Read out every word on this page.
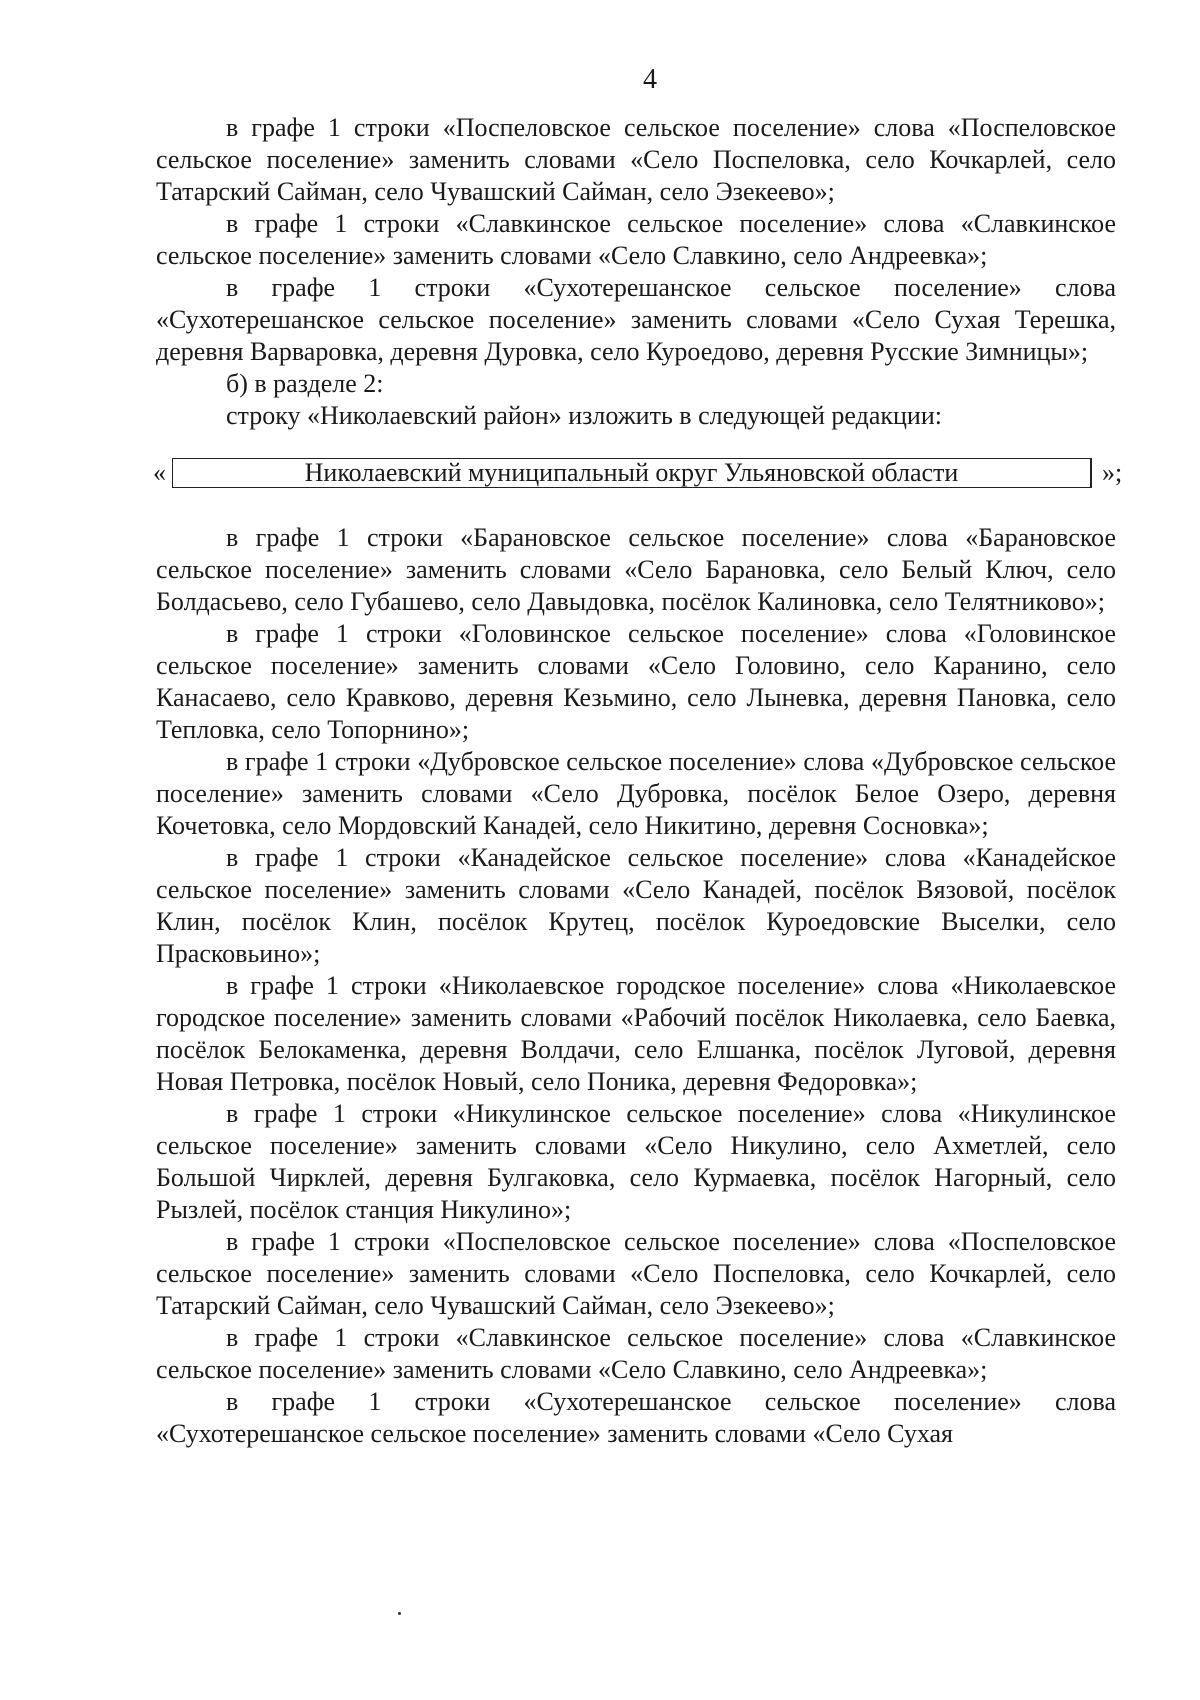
4

в графе 1 строки «Поспеловское сельское поселение» слова «Поспеловское сельское поселение» заменить словами «Село Поспеловка, село Кочкарлей, село Татарский Сайман, село Чувашский Сайман, село Эзекеево»;

в графе 1 строки «Славкинское сельское поселение» слова «Славкинское сельское поселение» заменить словами «Село Славкино, село Андреевка»;

в графе 1 строки «Сухотерешанское сельское поселение» слова «Сухотерешанское сельское поселение» заменить словами «Село Сухая Терешка, деревня Варваровка, деревня Дуровка, село Куроедово, деревня Русские Зимницы»;

б) в разделе 2:

строку «Николаевский район» изложить в следующей редакции:

«	Николаевский муниципальный округ Ульяновской области	»;

в графе 1 строки «Барановское сельское поселение» слова «Барановское сельское поселение» заменить словами «Село Барановка, село Белый Ключ, село Болдасьево, село Губашево, село Давыдовка, посёлок Калиновка, село Телятниково»;

в графе 1 строки «Головинское сельское поселение» слова «Головинское сельское поселение» заменить словами «Село Головино, село Каранино, село Канасаево, село Кравково, деревня Кезьмино, село Лыневка, деревня Пановка, село Тепловка, село Топорнино»;

в графе 1 строки «Дубровское сельское поселение» слова «Дубровское сельское поселение» заменить словами «Село Дубровка, посёлок Белое Озеро, деревня Кочетовка, село Мордовский Канадей, село Никитино, деревня Сосновка»;

в графе 1 строки «Канадейское сельское поселение» слова «Канадейское сельское поселение» заменить словами «Село Канадей, посёлок Вязовой, посёлок Клин, посёлок Клин, посёлок Крутец, посёлок Куроедовские Выселки, село Прасковьино»;

в графе 1 строки «Николаевское городское поселение» слова «Николаевское городское поселение» заменить словами «Рабочий посёлок Николаевка, село Баевка, посёлок Белокаменка, деревня Волдачи, село Елшанка, посёлок Луговой, деревня Новая Петровка, посёлок Новый, село Поника, деревня Федоровка»;

в графе 1 строки «Никулинское сельское поселение» слова «Никулинское сельское поселение» заменить словами «Село Никулино, село Ахметлей, село Большой Чирклей, деревня Булгаковка, село Курмаевка, посёлок Нагорный, село Рызлей, посёлок станция Никулино»;

в графе 1 строки «Поспеловское сельское поселение» слова «Поспеловское сельское поселение» заменить словами «Село Поспеловка, село Кочкарлей, село Татарский Сайман, село Чувашский Сайман, село Эзекеево»;

в графе 1 строки «Славкинское сельское поселение» слова «Славкинское сельское поселение» заменить словами «Село Славкино, село Андреевка»;

в графе 1 строки «Сухотерешанское сельское поселение» слова «Сухотерешанское сельское поселение» заменить словами «Село Сухая
